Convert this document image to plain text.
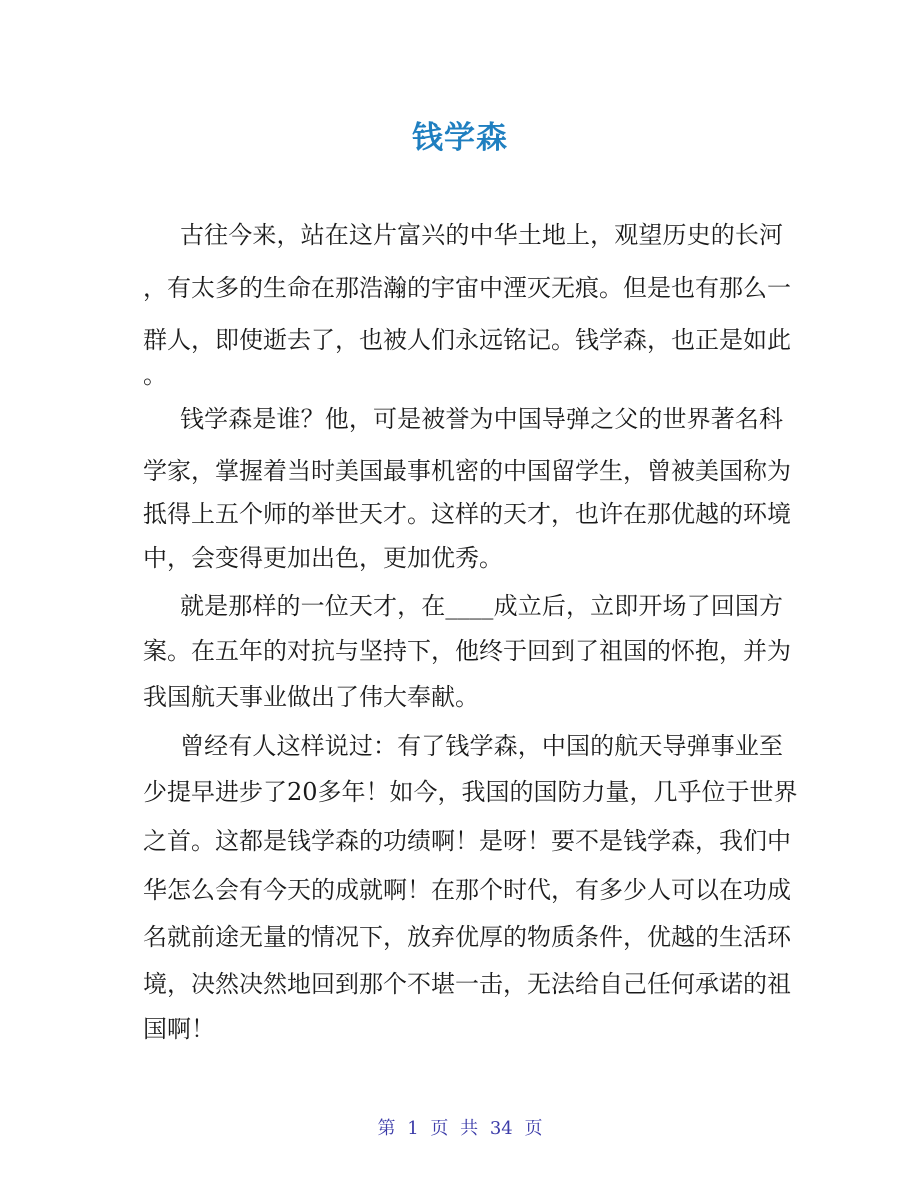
钱学森
古往今来，站在这片富兴的中华土地上，观望历史的长河
，有太多的生命在那浩瀚的宇宙中湮灭无痕。但是也有那么一
群人，即使逝去了，也被人们永远铭记。钱学森，也正是如此
。
钱学森是谁？他，可是被誉为中国导弹之父的世界著名科
学家，掌握着当时美国最事机密的中国留学生，曾被美国称为
抵得上五个师的举世天才。这样的天才，也许在那优越的环境
中，会变得更加出色，更加优秀。
就是那样的一位天才，在____成立后，立即开场了回国方
案。在五年的对抗与坚持下，他终于回到了祖国的怀抱，并为
我国航天事业做出了伟大奉献。
曾经有人这样说过：有了钱学森，中国的航天导弹事业至
少提早进步了20多年！如今，我国的国防力量，几乎位于世界
之首。这都是钱学森的功绩啊！是呀！要不是钱学森，我们中
华怎么会有今天的成就啊！在那个时代，有多少人可以在功成
名就前途无量的情况下，放弃优厚的物质条件，优越的生活环
境，决然决然地回到那个不堪一击，无法给自己任何承诺的祖
国啊！
第 1 页 共 34 页
